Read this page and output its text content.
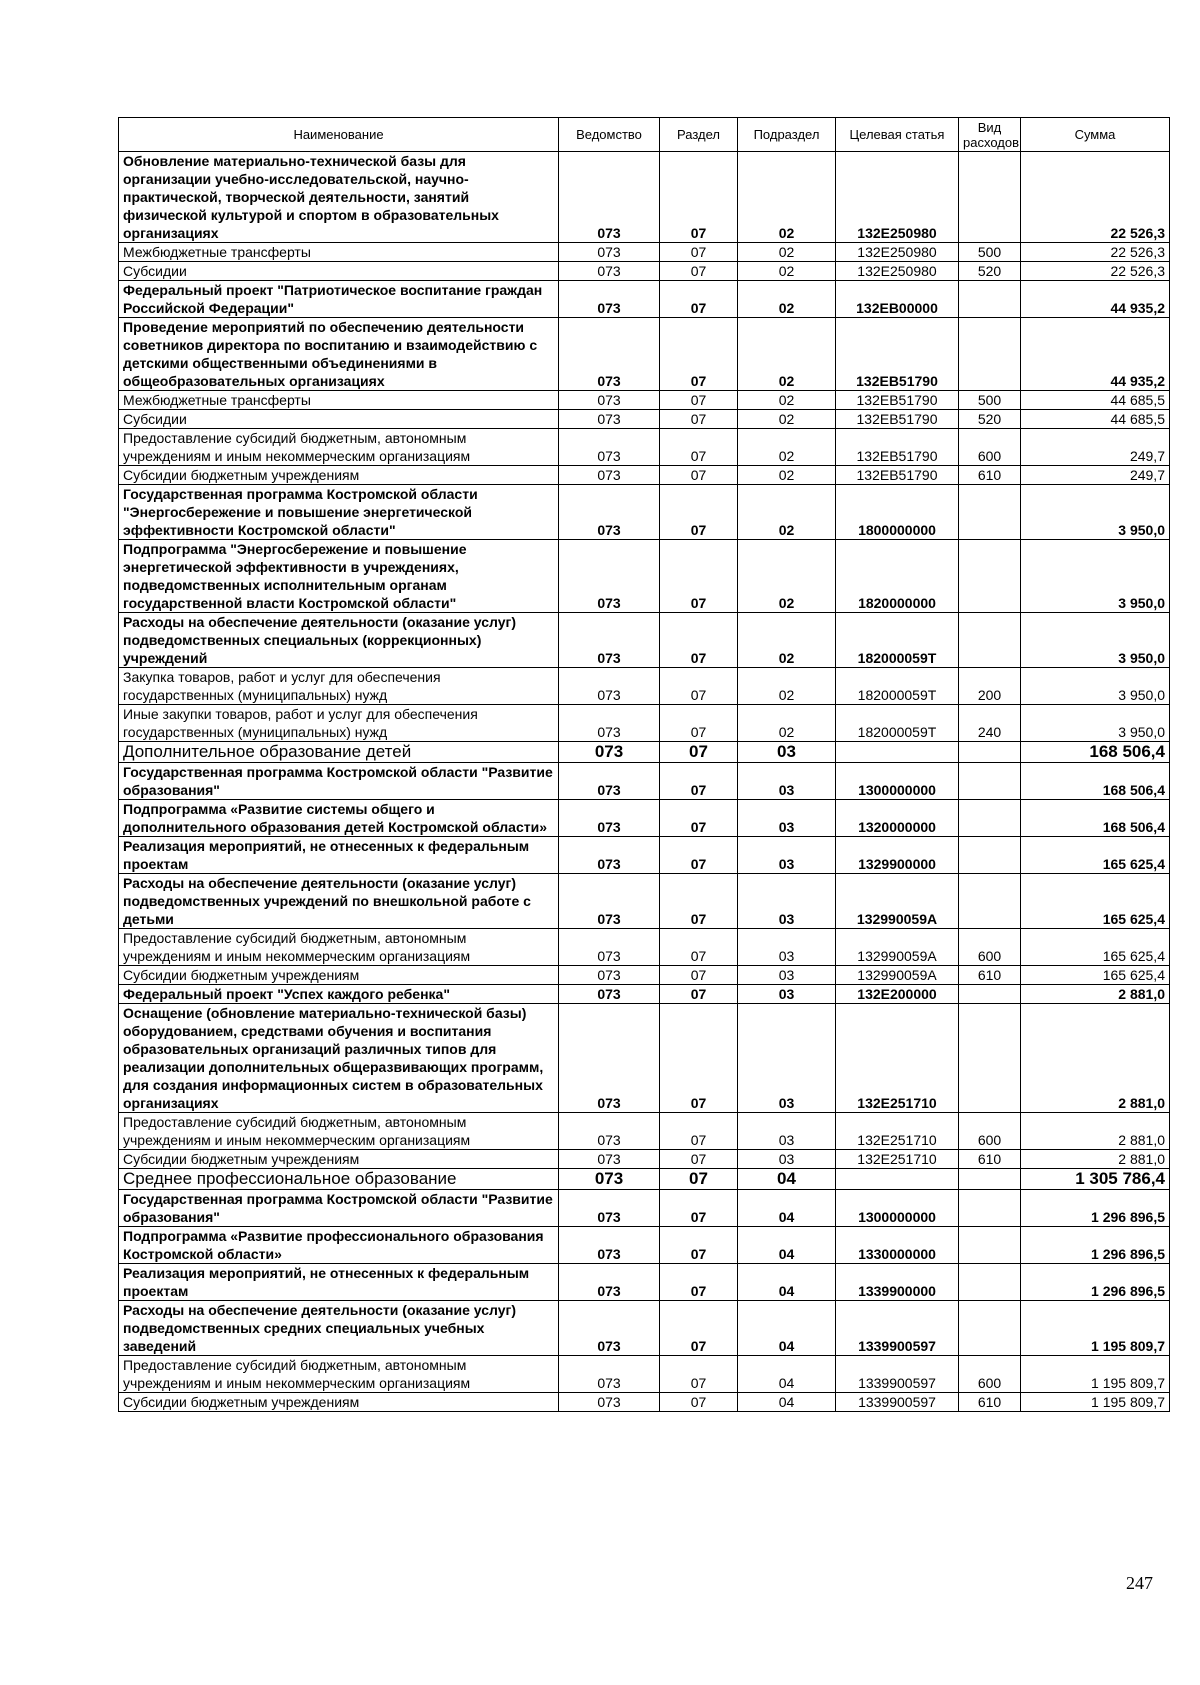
Наименование	Ведомство	Раздел	Подраздел	Целевая статья	Вид расходов	Сумма
Обновление материально-технической базы для организации учебно-исследовательской, научно-практической, творческой деятельности, занятий физической культурой и спортом в образовательных организациях	073	07	02	132E250980		22 526,3
Межбюджетные трансферты	073	07	02	132E250980	500	22 526,3
Субсидии	073	07	02	132E250980	520	22 526,3
Федеральный проект "Патриотическое воспитание граждан Российской Федерации"	073	07	02	132EB00000		44 935,2
Проведение мероприятий по обеспечению деятельности советников директора по воспитанию и взаимодействию с детскими общественными объединениями в общеобразовательных организациях	073	07	02	132EB51790		44 935,2
Межбюджетные трансферты	073	07	02	132EB51790	500	44 685,5
Субсидии	073	07	02	132EB51790	520	44 685,5
Предоставление субсидий бюджетным, автономным учреждениям и иным некоммерческим организациям	073	07	02	132EB51790	600	249,7
Субсидии бюджетным учреждениям	073	07	02	132EB51790	610	249,7
Государственная программа Костромской области "Энергосбережение и повышение энергетической эффективности Костромской области"	073	07	02	1800000000		3 950,0
Подпрограмма "Энергосбережение и повышение энергетической эффективности в учреждениях, подведомственных исполнительным органам государственной власти Костромской области"	073	07	02	1820000000		3 950,0
Расходы на обеспечение деятельности (оказание услуг) подведомственных специальных (коррекционных) учреждений	073	07	02	182000059Т		3 950,0
Закупка товаров, работ и услуг для обеспечения государственных (муниципальных) нужд	073	07	02	182000059Т	200	3 950,0
Иные закупки товаров, работ и услуг для обеспечения государственных (муниципальных) нужд	073	07	02	182000059Т	240	3 950,0
Дополнительное образование детей	073	07	03			168 506,4
Государственная программа Костромской области "Развитие образования"	073	07	03	1300000000		168 506,4
Подпрограмма «Развитие системы общего и дополнительного образования детей Костромской области»	073	07	03	1320000000		168 506,4
Реализация мероприятий, не отнесенных к федеральным проектам	073	07	03	1329900000		165 625,4
Расходы на обеспечение деятельности (оказание услуг) подведомственных учреждений по внешкольной работе с детьми	073	07	03	132990059А		165 625,4
Предоставление субсидий бюджетным, автономным учреждениям и иным некоммерческим организациям	073	07	03	132990059А	600	165 625,4
Субсидии бюджетным учреждениям	073	07	03	132990059А	610	165 625,4
Федеральный проект "Успех каждого ребенка"	073	07	03	132Е200000		2 881,0
Оснащение (обновление материально-технической базы) оборудованием, средствами обучения и воспитания образовательных организаций различных типов для реализации дополнительных общеразвивающих программ, для создания информационных систем в образовательных организациях	073	07	03	132E251710		2 881,0
Предоставление субсидий бюджетным, автономным учреждениям и иным некоммерческим организациям	073	07	03	132E251710	600	2 881,0
Субсидии бюджетным учреждениям	073	07	03	132E251710	610	2 881,0
Среднее профессиональное образование	073	07	04			1 305 786,4
Государственная программа Костромской области "Развитие образования"	073	07	04	1300000000		1 296 896,5
Подпрограмма «Развитие профессионального образования Костромской области»	073	07	04	1330000000		1 296 896,5
Реализация мероприятий, не отнесенных к федеральным проектам	073	07	04	1339900000		1 296 896,5
Расходы на обеспечение деятельности (оказание услуг) подведомственных средних специальных учебных заведений	073	07	04	1339900597		1 195 809,7
Предоставление субсидий бюджетным, автономным учреждениям и иным некоммерческим организациям	073	07	04	1339900597	600	1 195 809,7
Субсидии бюджетным учреждениям	073	07	04	1339900597	610	1 195 809,7
247
